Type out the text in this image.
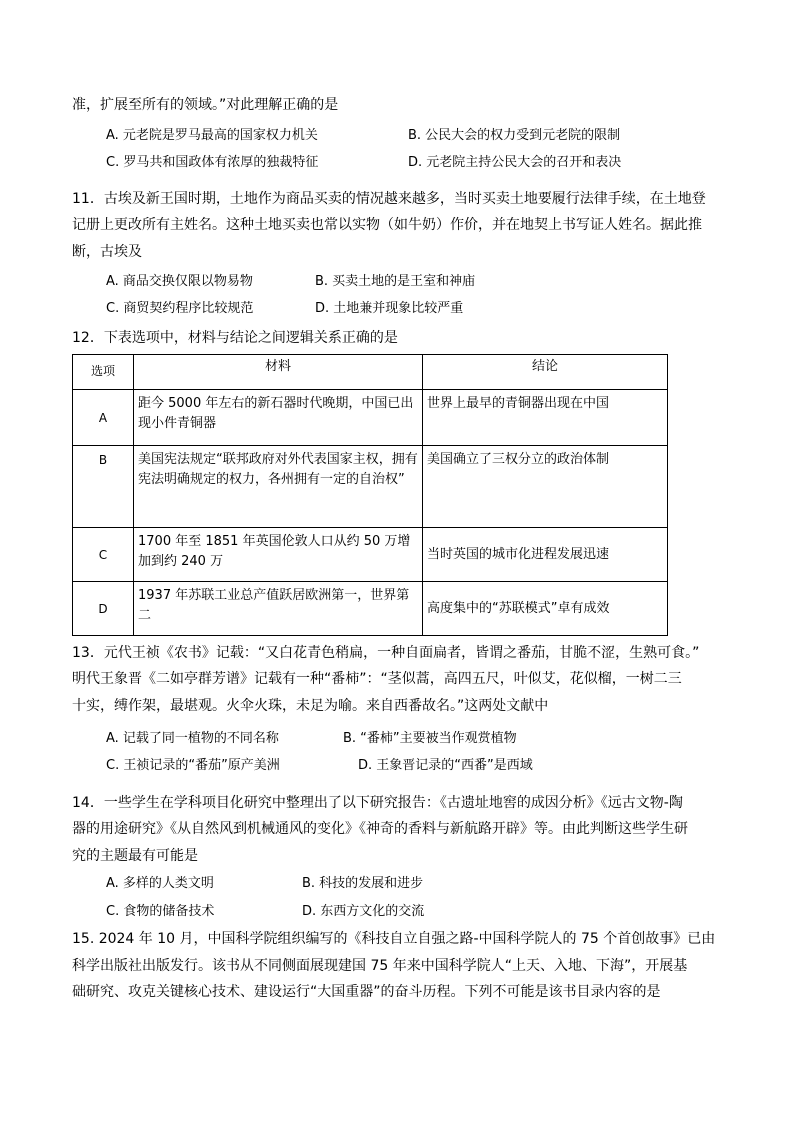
准，扩展至所有的领域。”对此理解正确的是
A. 元老院是罗马最高的国家权力机关	B. 公民大会的权力受到元老院的限制
C. 罗马共和国政体有浓厚的独裁特征	D. 元老院主持公民大会的召开和表决
11．古埃及新王国时期，土地作为商品买卖的情况越来越多，当时买卖土地要履行法律手续，在土地登
记册上更改所有主姓名。这种土地买卖也常以实物（如牛奶）作价，并在地契上书写证人姓名。据此推
断，古埃及
A. 商品交换仅限以物易物	B. 买卖土地的是王室和神庙
C. 商贸契约程序比较规范	D. 土地兼并现象比较严重
12．下表选项中，材料与结论之间逻辑关系正确的是
选项	材料	结论
A	距今 5000 年左右的新石器时代晚期，中国已出现小件青铜器	世界上最早的青铜器出现在中国
B	美国宪法规定“联邦政府对外代表国家主权，拥有宪法明确规定的权力，各州拥有一定的自治权”	美国确立了三权分立的政治体制
C	1700 年至 1851 年英国伦敦人口从约 50 万增加到约 240 万	当时英国的城市化进程发展迅速
D	1937 年苏联工业总产值跃居欧洲第一，世界第二	高度集中的“苏联模式”卓有成效
13．元代王祯《农书》记载：“又白花青色稍扁，一种自面扁者，皆谓之番茄，甘脆不涩，生熟可食。”
明代王象晋《二如亭群芳谱》记载有一种“番柿”：“茎似蒿，高四五尺，叶似艾，花似榴，一树二三
十实，缚作架，最堪观。火伞火珠，未足为喻。来自西番故名。”这两处文献中
A. 记载了同一植物的不同名称	B. “番柿”主要被当作观赏植物
C. 王祯记录的“番茄”原产美洲	D. 王象晋记录的“西番”是西域
14．一些学生在学科项目化研究中整理出了以下研究报告：《古遗址地窖的成因分析》《远古文物-陶
器的用途研究》《从自然风到机械通风的变化》《神奇的香料与新航路开辟》等。由此判断这些学生研
究的主题最有可能是
A. 多样的人类文明	B. 科技的发展和进步
C. 食物的储备技术	D. 东西方文化的交流
15. 2024 年 10 月，中国科学院组织编写的《科技自立自强之路-中国科学院人的 75 个首创故事》已由
科学出版社出版发行。该书从不同侧面展现建国 75 年来中国科学院人“上天、入地、下海”，开展基
础研究、攻克关键核心技术、建设运行“大国重器”的奋斗历程。下列不可能是该书目录内容的是
